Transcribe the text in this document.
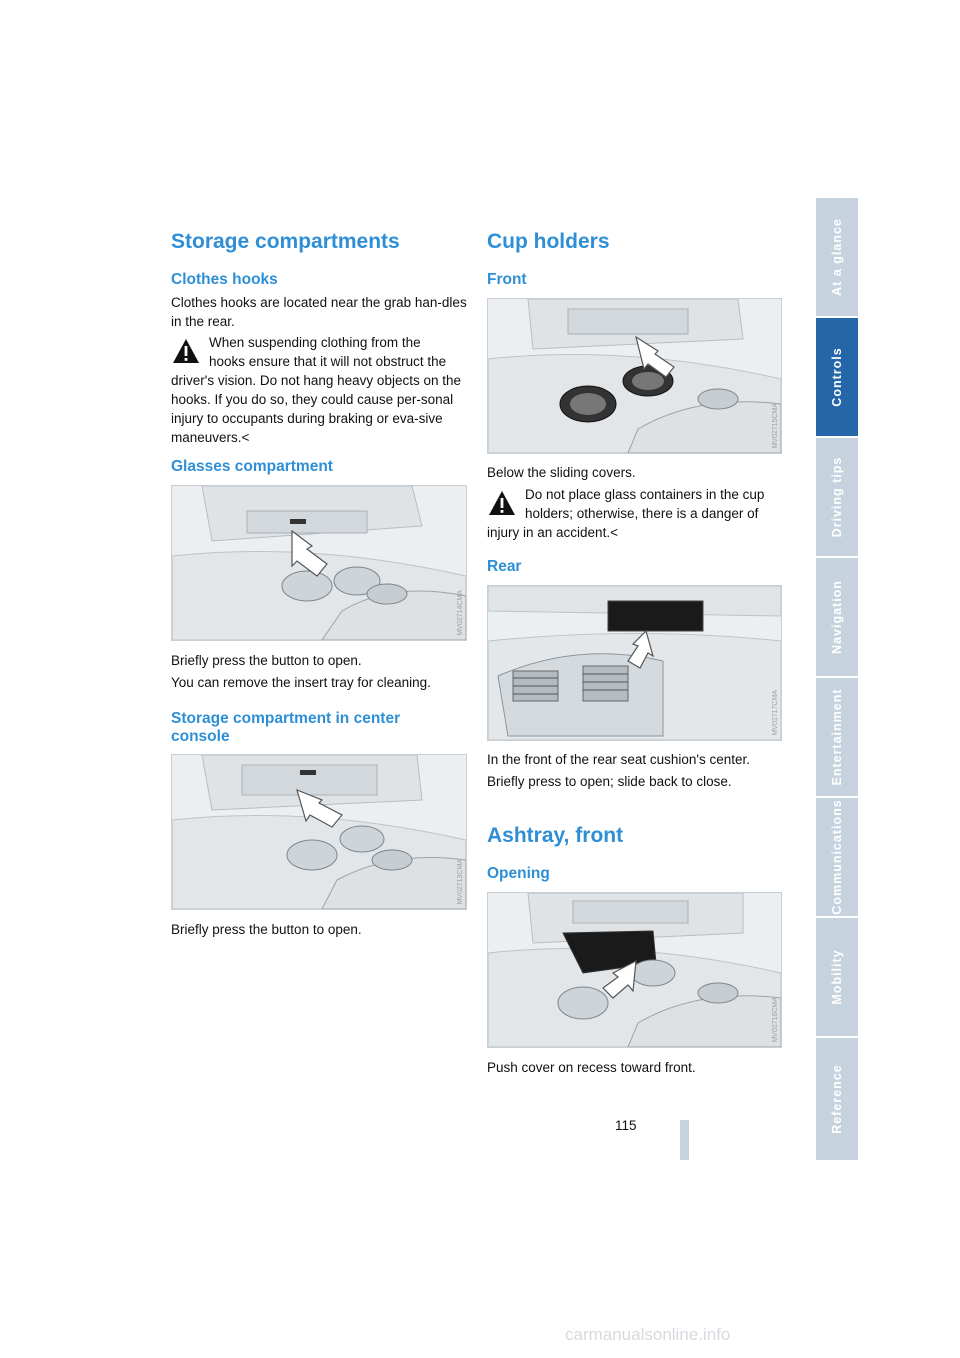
Storage compartments
Clothes hooks

Clothes hooks are located near the grab han-dles in the rear.

When suspending clothing from the
hooks ensure that it will not obstruct the
driver's vision. Do not hang heavy objects on the hooks. If you do so, they could cause per-sonal injury to occupants during braking or eva-sive maneuvers.<
Glasses compartment
MV02714CMA

Briefly press the button to open.

You can remove the insert tray for cleaning.

Storage compartment in center console
MV02713CMA

Briefly press the button to open.

Cup holders
Front
MV02715CMA

Below the sliding covers.

Do not place glass containers in the cup
holders; otherwise, there is a danger of
injury in an accident.<
Rear
MV02717CMA

In the front of the rear seat cushion's center.

Briefly press to open; slide back to close.

Ashtray, front
Opening
MV02716CMA

Push cover on recess toward front.

At a glance
Controls
Driving tips
Navigation
Entertainment
Communications
Mobility
Reference
115
carmanualsonline.info
